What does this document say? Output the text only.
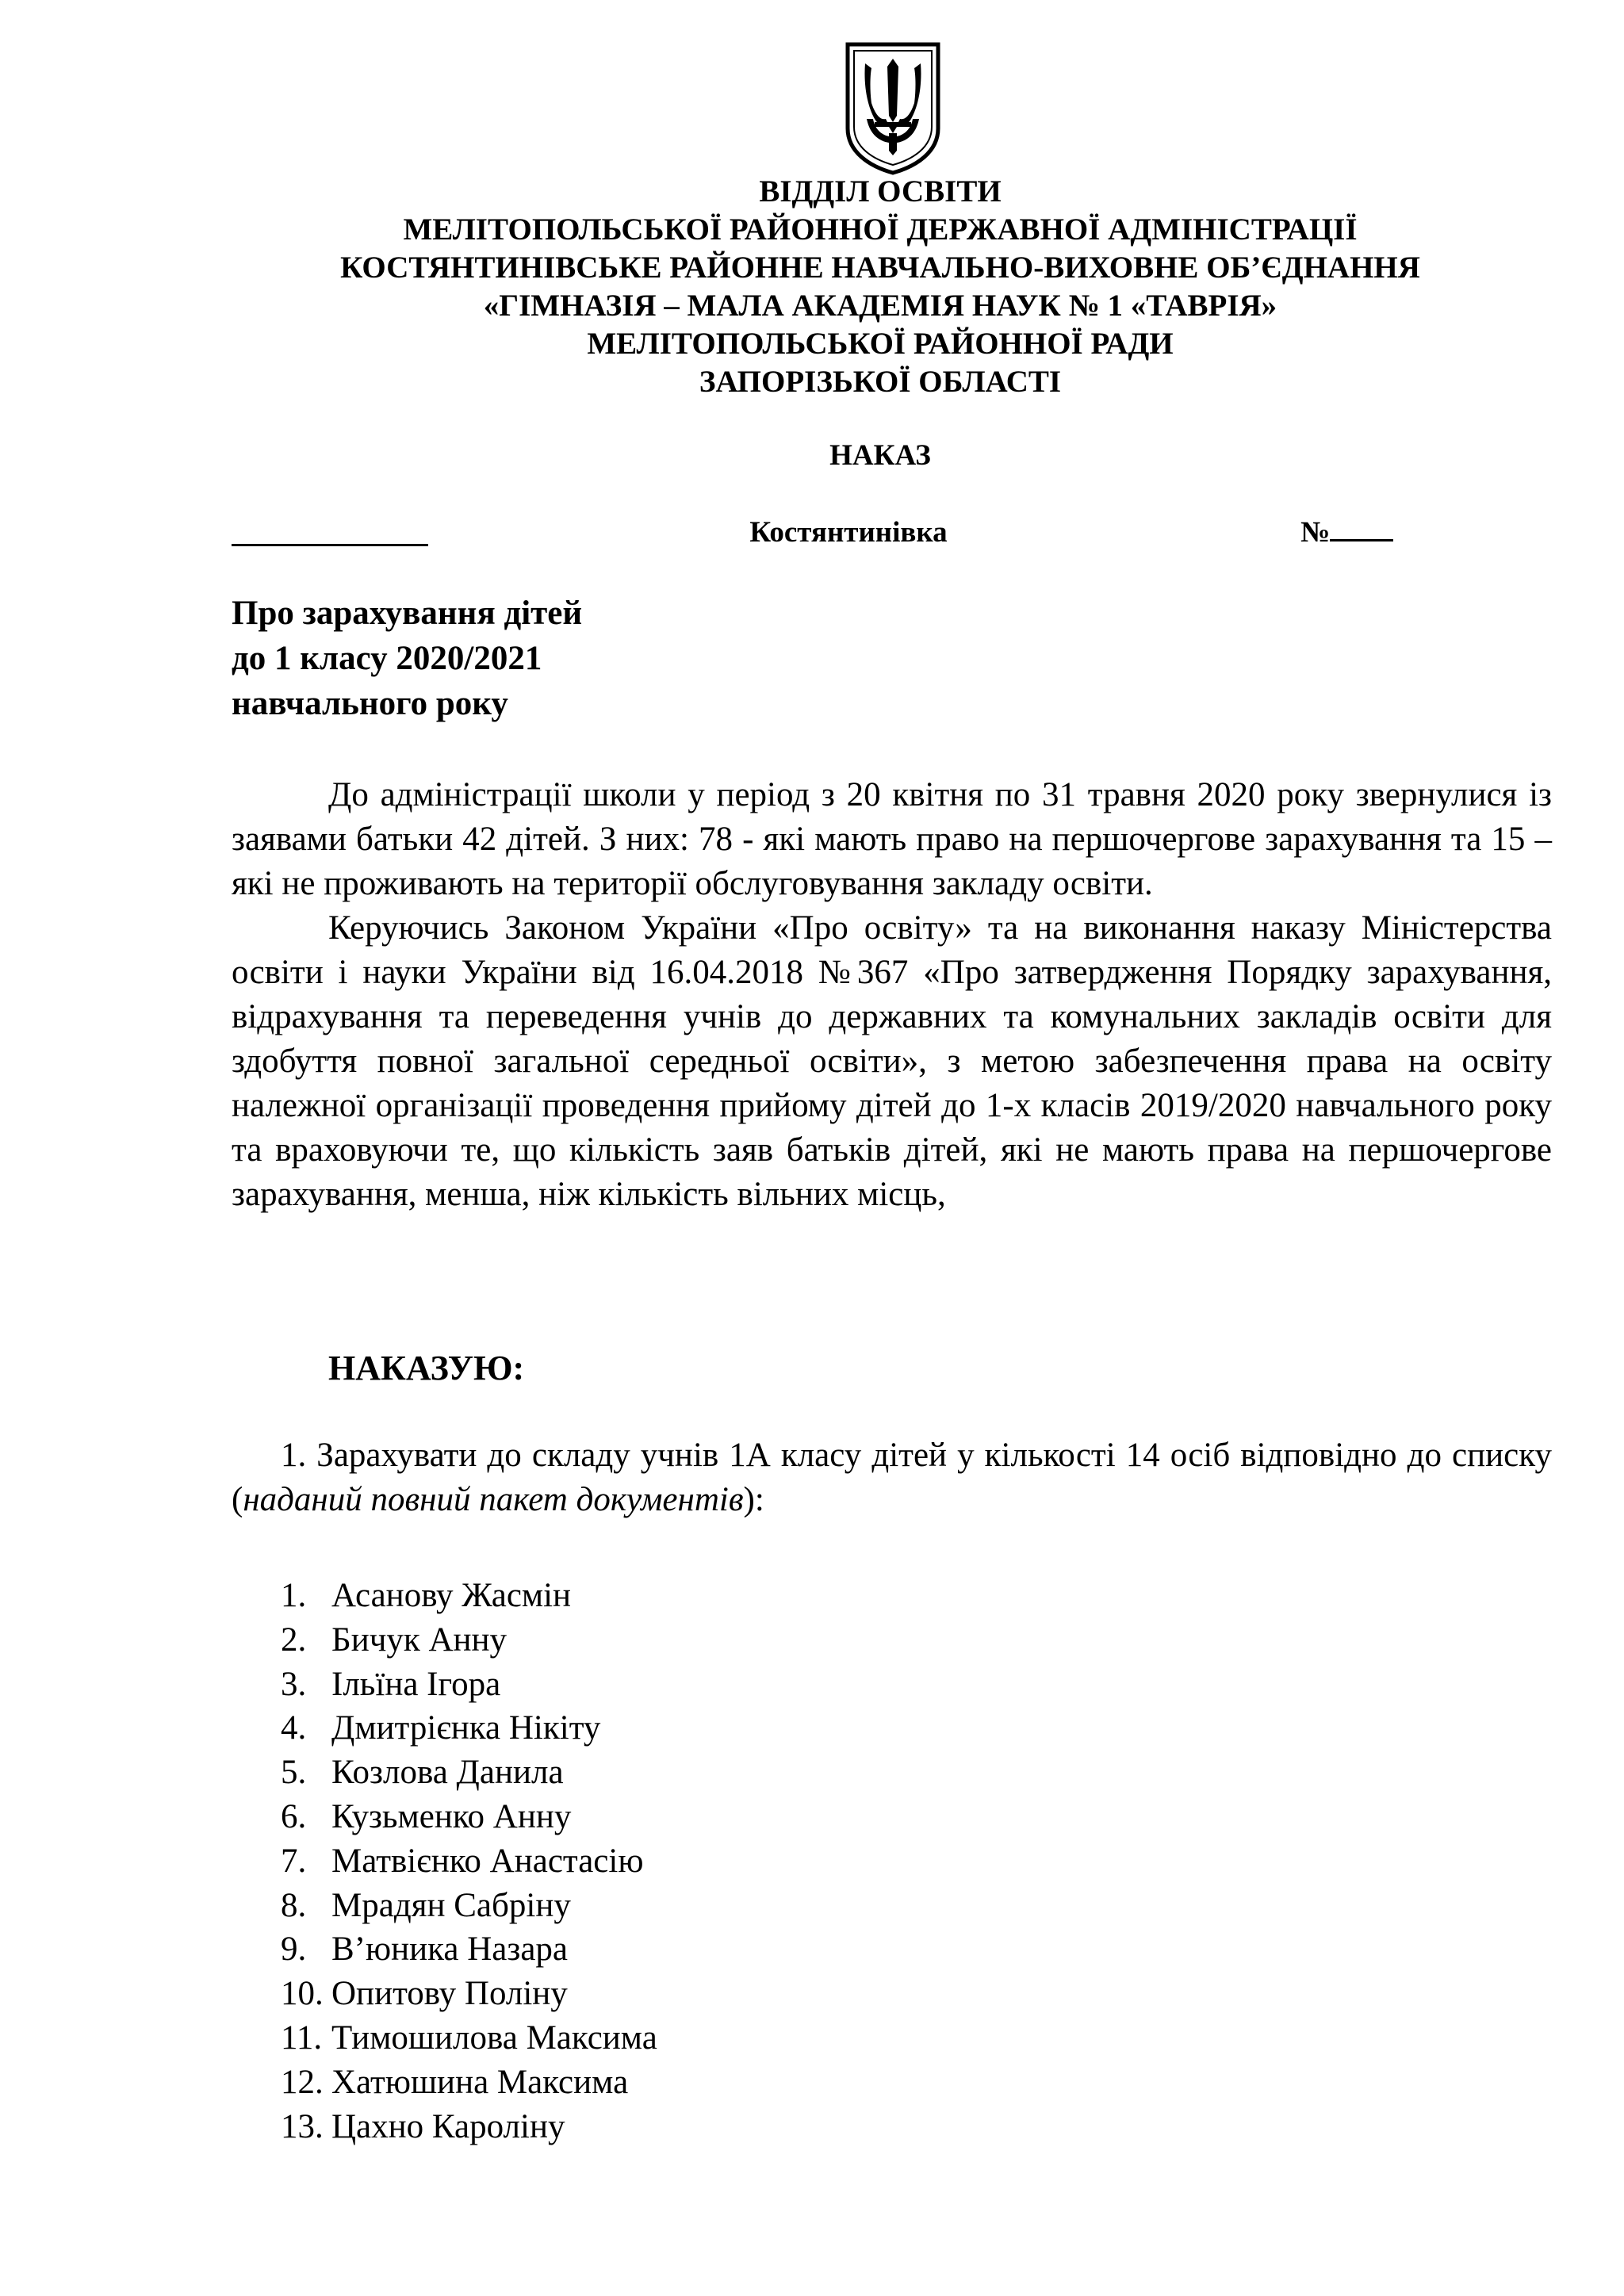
ВІДДІЛ ОСВІТИ
МЕЛІТОПОЛЬСЬКОЇ РАЙОННОЇ ДЕРЖАВНОЇ АДМІНІСТРАЦІЇ
КОСТЯНТИНІВСЬКЕ РАЙОННЕ НАВЧАЛЬНО-ВИХОВНЕ ОБ’ЄДНАННЯ
«ГІМНАЗІЯ – МАЛА АКАДЕМІЯ НАУК № 1 «ТАВРІЯ»
МЕЛІТОПОЛЬСЬКОЇ РАЙОННОЇ РАДИ
ЗАПОРІЗЬКОЇ ОБЛАСТІ
НАКАЗ
Костянтинівка	№
Про зарахування дітей
до 1 класу 2020/2021
навчального року

До адміністрації школи у період з 20 квітня по 31 травня 2020 року звернулися із заявами батьки 42 дітей. З них: 78 - які мають право на першочергове зарахування та 15 – які не проживають на території обслуговування закладу освіти.

Керуючись Законом України «Про освіту» та на виконання наказу Міністерства освіти і науки України від 16.04.2018 №367 «Про затвердження Порядку зарахування, відрахування та переведення учнів до державних та комунальних закладів освіти для здобуття повної загальної середньої освіти», з метою забезпечення права на освіту належної організації проведення прийому дітей до 1-х класів 2019/2020 навчального року та враховуючи те, що кількість заяв батьків дітей, які не мають права на першочергове зарахування, менша, ніж кількість вільних місць,

НАКАЗУЮ:
1. Зарахувати до складу учнів 1А класу дітей у кількості 14 осіб відповідно до списку (наданий повний пакет документів):
1. Асанову Жасмін
2. Бичук Анну
3. Ільїна Ігора
4. Дмитрієнка Нікіту
5. Козлова Данила
6. Кузьменко Анну
7. Матвієнко Анастасію
8. Мрадян Сабріну
9. В’юника Назара
10. Опитову Поліну
11. Тимошилова Максима
12. Хатюшина Максима
13. Цахно Кароліну
